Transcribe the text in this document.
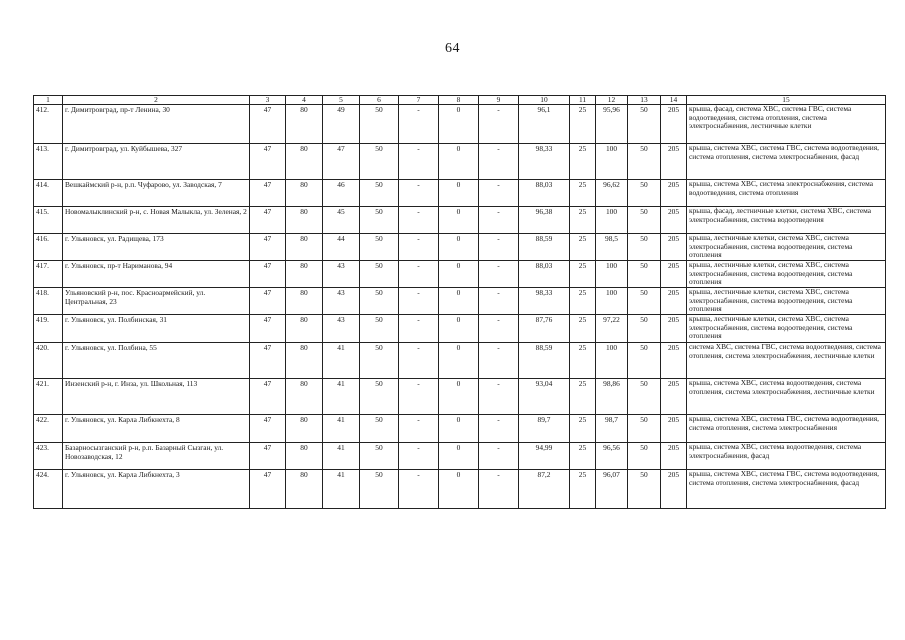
64
1	2	3	4	5	6	7	8	9	10	11	12	13	14	15
412.	г. Димитровград, пр-т Ленина, 30	47	80	49	50	-	0	-	96,1	25	95,96	50	205	крыша, фасад, система ХВС, система ГВС, система водоотведения, система отопления, система электроснабжения, лестничные клетки
413.	г. Димитровград, ул. Куйбышева, 327	47	80	47	50	-	0	-	98,33	25	100	50	205	крыша, система ХВС, система ГВС, система водоотведения, система отопления, система электроснабжения, фасад
414.	Вешкаймский р-н, р.п. Чуфарово, ул. Заводская, 7	47	80	46	50	-	0	-	88,03	25	96,62	50	205	крыша, система ХВС, система электроснабжения, система водоотведения, система отопления
415.	Новомалыклинский р-н, с. Новая Малыкла, ул. Зеленая, 2	47	80	45	50	-	0	-	96,38	25	100	50	205	крыша, фасад, лестничные клетки, система ХВС, система электроснабжения, система водоотведения
416.	г. Ульяновск, ул. Радищева, 173	47	80	44	50	-	0	-	88,59	25	98,5	50	205	крыша, лестничные клетки, система ХВС, система электроснабжения, система водоотведения, система отопления
417.	г. Ульяновск, пр-т Нариманова, 94	47	80	43	50	-	0	-	88,03	25	100	50	205	крыша, лестничные клетки, система ХВС, система электроснабжения, система водоотведения, система отопления
418.	Ульяновский р-н, пос. Красноармейский, ул. Центральная, 23	47	80	43	50	-	0	-	98,33	25	100	50	205	крыша, лестничные клетки, система ХВС, система электроснабжения, система водоотведения, система отопления
419.	г. Ульяновск, ул. Полбинская, 31	47	80	43	50	-	0	-	87,76	25	97,22	50	205	крыша, лестничные клетки, система ХВС, система электроснабжения, система водоотведения, система отопления
420.	г. Ульяновск, ул. Полбина, 55	47	80	41	50	-	0	-	88,59	25	100	50	205	система ХВС, система ГВС, система водоотведения, система отопления, система электроснабжения, лестничные клетки
421.	Инзенский р-н, г. Инза, ул. Школьная, 113	47	80	41	50	-	0	-	93,04	25	98,86	50	205	крыша, система ХВС, система водоотведения, система отопления, система электроснабжения, лестничные клетки
422.	г. Ульяновск, ул. Карла Либкнехта, 8	47	80	41	50	-	0	-	89,7	25	98,7	50	205	крыша, система ХВС, система ГВС, система водоотведения, система отопления, система электроснабжения
423.	Базарносызганский р-н, р.п. Базарный Сызган, ул. Новозаводская, 12	47	80	41	50	-	0	-	94,99	25	96,56	50	205	крыша, система ХВС, система водоотведения, система электроснабжения, фасад
424.	г. Ульяновск, ул. Карла Либкнехта, 3	47	80	41	50	-	0	-	87,2	25	96,07	50	205	крыша, система ХВС, система ГВС, система водоотведения, система отопления, система электроснабжения, фасад
